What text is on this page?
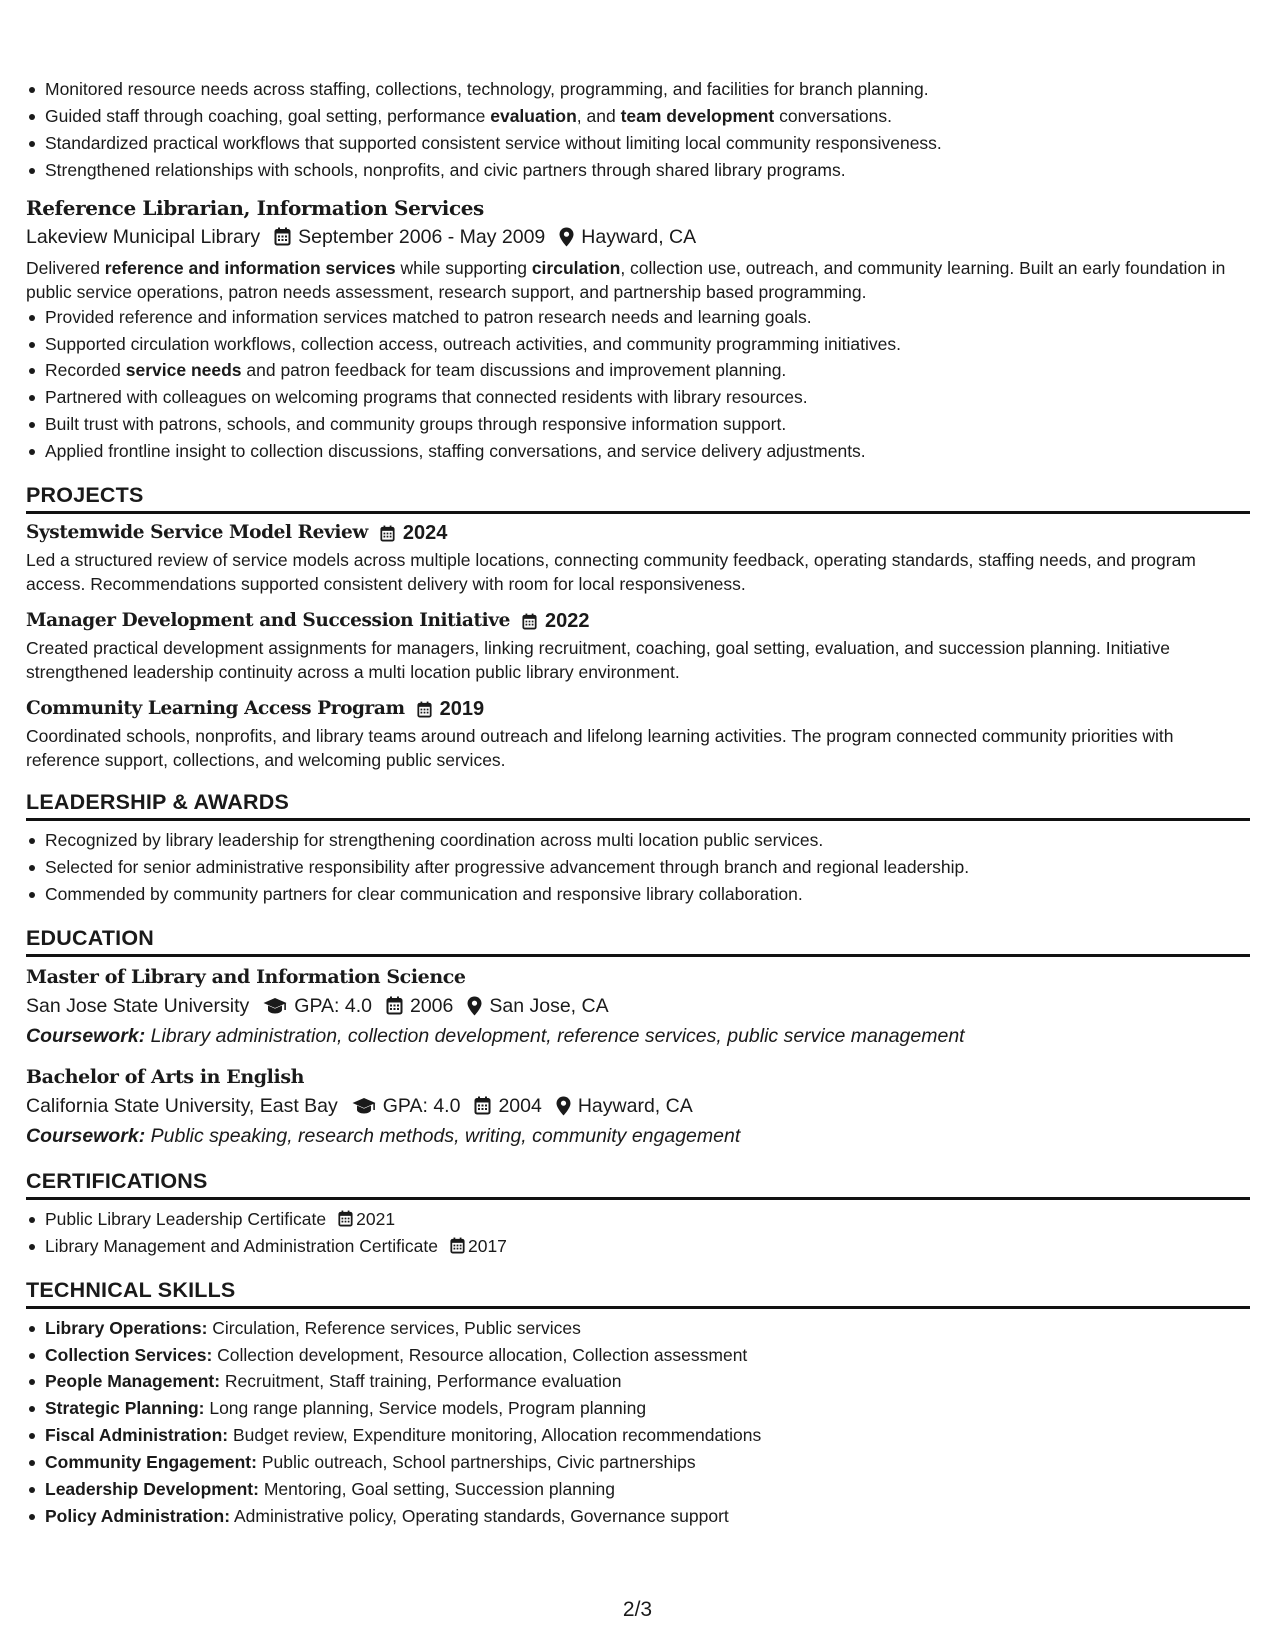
Monitored resource needs across staffing, collections, technology, programming, and facilities for branch planning.
Guided staff through coaching, goal setting, performance evaluation, and team development conversations.
Standardized practical workflows that supported consistent service without limiting local community responsiveness.
Strengthened relationships with schools, nonprofits, and civic partners through shared library programs.
Reference Librarian, Information Services
Lakeview Municipal Library September 2006 - May 2009 Hayward, CA
Delivered reference and information services while supporting circulation, collection use, outreach, and community learning. Built an early foundation in public service operations, patron needs assessment, research support, and partnership based programming.
Provided reference and information services matched to patron research needs and learning goals.
Supported circulation workflows, collection access, outreach activities, and community programming initiatives.
Recorded service needs and patron feedback for team discussions and improvement planning.
Partnered with colleagues on welcoming programs that connected residents with library resources.
Built trust with patrons, schools, and community groups through responsive information support.
Applied frontline insight to collection discussions, staffing conversations, and service delivery adjustments.
PROJECTS
Systemwide Service Model Review 2024
Led a structured review of service models across multiple locations, connecting community feedback, operating standards, staffing needs, and program access. Recommendations supported consistent delivery with room for local responsiveness.
Manager Development and Succession Initiative 2022
Created practical development assignments for managers, linking recruitment, coaching, goal setting, evaluation, and succession planning. Initiative strengthened leadership continuity across a multi location public library environment.
Community Learning Access Program 2019
Coordinated schools, nonprofits, and library teams around outreach and lifelong learning activities. The program connected community priorities with reference support, collections, and welcoming public services.
LEADERSHIP & AWARDS
Recognized by library leadership for strengthening coordination across multi location public services.
Selected for senior administrative responsibility after progressive advancement through branch and regional leadership.
Commended by community partners for clear communication and responsive library collaboration.
EDUCATION
Master of Library and Information Science
San Jose State University GPA: 4.0 2006 San Jose, CA
Coursework: Library administration, collection development, reference services, public service management
Bachelor of Arts in English
California State University, East Bay GPA: 4.0 2004 Hayward, CA
Coursework: Public speaking, research methods, writing, community engagement
CERTIFICATIONS
Public Library Leadership Certificate 2021
Library Management and Administration Certificate 2017
TECHNICAL SKILLS
Library Operations: Circulation, Reference services, Public services
Collection Services: Collection development, Resource allocation, Collection assessment
People Management: Recruitment, Staff training, Performance evaluation
Strategic Planning: Long range planning, Service models, Program planning
Fiscal Administration: Budget review, Expenditure monitoring, Allocation recommendations
Community Engagement: Public outreach, School partnerships, Civic partnerships
Leadership Development: Mentoring, Goal setting, Succession planning
Policy Administration: Administrative policy, Operating standards, Governance support
2/3
